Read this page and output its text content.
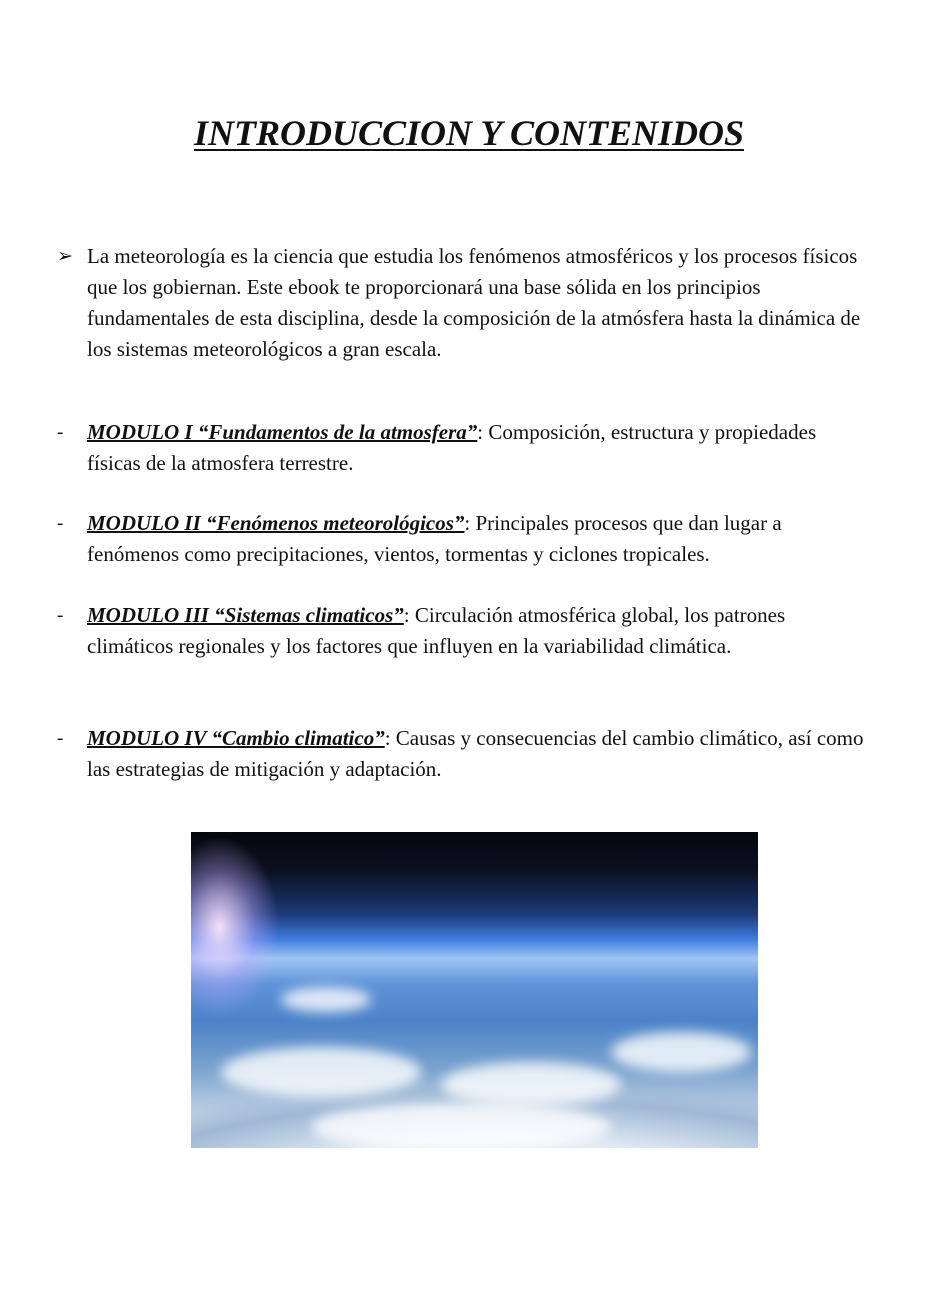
INTRODUCCION Y CONTENIDOS

➢ La meteorología es la ciencia que estudia los fenómenos atmosféricos y los procesos físicos que los gobiernan. Este ebook te proporcionará una base sólida en los principios fundamentales de esta disciplina, desde la composición de la atmósfera hasta la dinámica de los sistemas meteorológicos a gran escala.

- MODULO I “Fundamentos de la atmosfera”: Composición, estructura y propiedades físicas de la atmosfera terrestre.

- MODULO II “Fenómenos meteorológicos”: Principales procesos que dan lugar a fenómenos como precipitaciones, vientos, tormentas y ciclones tropicales.

- MODULO III “Sistemas climaticos”: Circulación atmosférica global, los patrones climáticos regionales y los factores que influyen en la variabilidad climática.

- MODULO IV “Cambio climatico”: Causas y consecuencias del cambio climático, así como las estrategias de mitigación y adaptación.
